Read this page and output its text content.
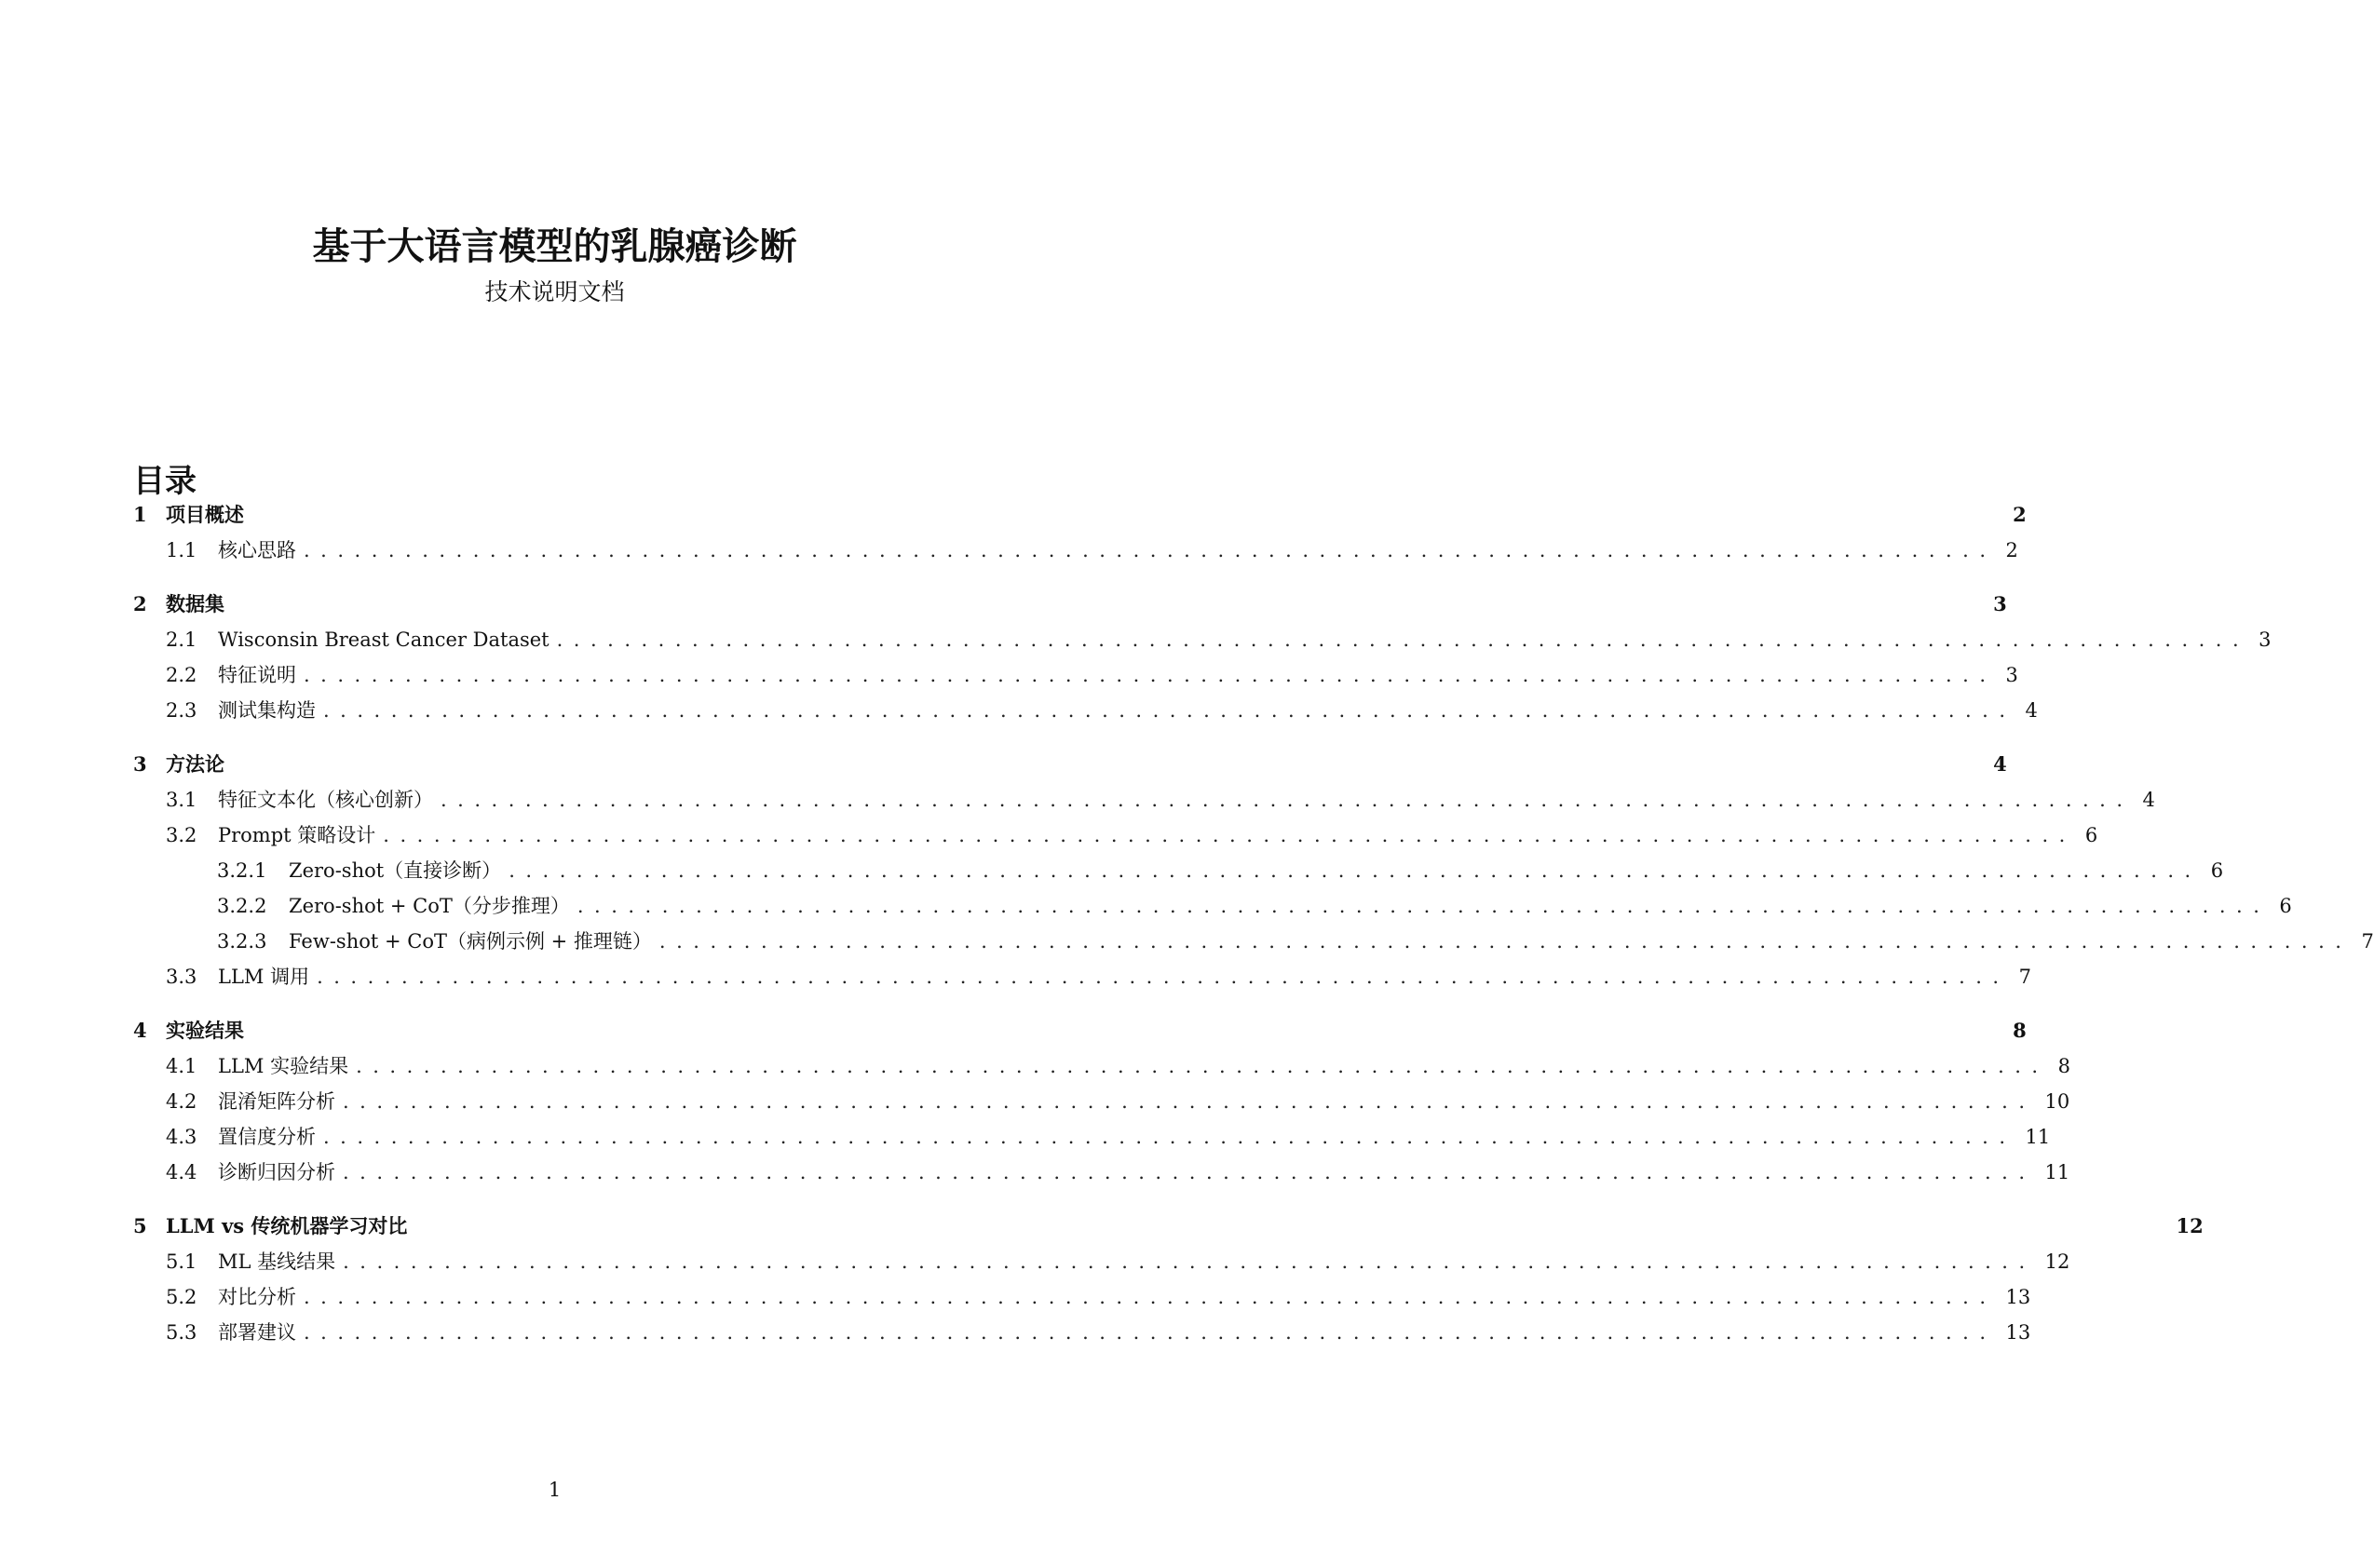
基于大语言模型的乳腺癌诊断
技术说明文档
目录
1 项目概述	2
1.1	核心思路 .................................................................................................... 2
2 数据集	3
2.1	Wisconsin Breast Cancer Dataset .................................................................................................... 3
2.2	特征说明 .................................................................................................... 3
2.3	测试集构造 .................................................................................................... 4
3 方法论	4
3.1	特征文本化（核心创新） .................................................................................................... 4
3.2	Prompt 策略设计 .................................................................................................... 6
3.2.1	Zero-shot（直接诊断） .................................................................................................... 6
3.2.2	Zero-shot + CoT（分步推理） .................................................................................................... 6
3.2.3	Few-shot + CoT（病例示例 + 推理链） .................................................................................................... 7
3.3	LLM 调用 .................................................................................................... 7
4 实验结果	8
4.1	LLM 实验结果 .................................................................................................... 8
4.2	混淆矩阵分析 .................................................................................................... 10
4.3	置信度分析 .................................................................................................... 11
4.4	诊断归因分析 .................................................................................................... 11
5 LLM vs 传统机器学习对比	12
5.1	ML 基线结果 .................................................................................................... 12
5.2	对比分析 .................................................................................................... 13
5.3	部署建议 .................................................................................................... 13
1
